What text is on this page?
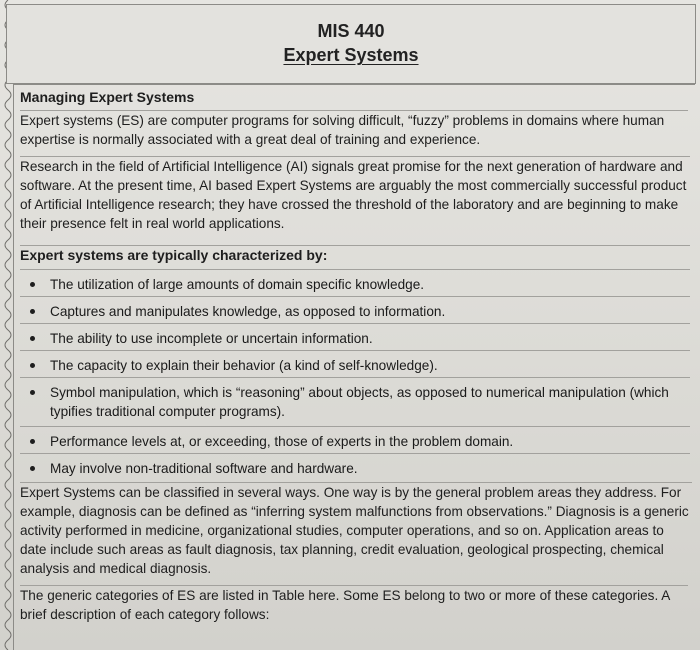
MIS 440
Expert Systems
Managing Expert Systems
Expert systems (ES) are computer programs for solving difficult, “fuzzy” problems in domains where human expertise is normally associated with a great deal of training and experience.
Research in the field of Artificial Intelligence (AI) signals great promise for the next generation of hardware and software. At the present time, AI based Expert Systems are arguably the most commercially successful product of Artificial Intelligence research; they have crossed the threshold of the laboratory and are beginning to make their presence felt in real world applications.
Expert systems are typically characterized by:
The utilization of large amounts of domain specific knowledge.
Captures and manipulates knowledge, as opposed to information.
The ability to use incomplete or uncertain information.
The capacity to explain their behavior (a kind of self-knowledge).
Symbol manipulation, which is “reasoning” about objects, as opposed to numerical manipulation (which typifies traditional computer programs).
Performance levels at, or exceeding, those of experts in the problem domain.
May involve non-traditional software and hardware.
Expert Systems can be classified in several ways. One way is by the general problem areas they address. For example, diagnosis can be defined as “inferring system malfunctions from observations.” Diagnosis is a generic activity performed in medicine, organizational studies, computer operations, and so on. Application areas to date include such areas as fault diagnosis, tax planning, credit evaluation, geological prospecting, chemical analysis and medical diagnosis.
The generic categories of ES are listed in Table here. Some ES belong to two or more of these categories. A brief description of each category follows:
